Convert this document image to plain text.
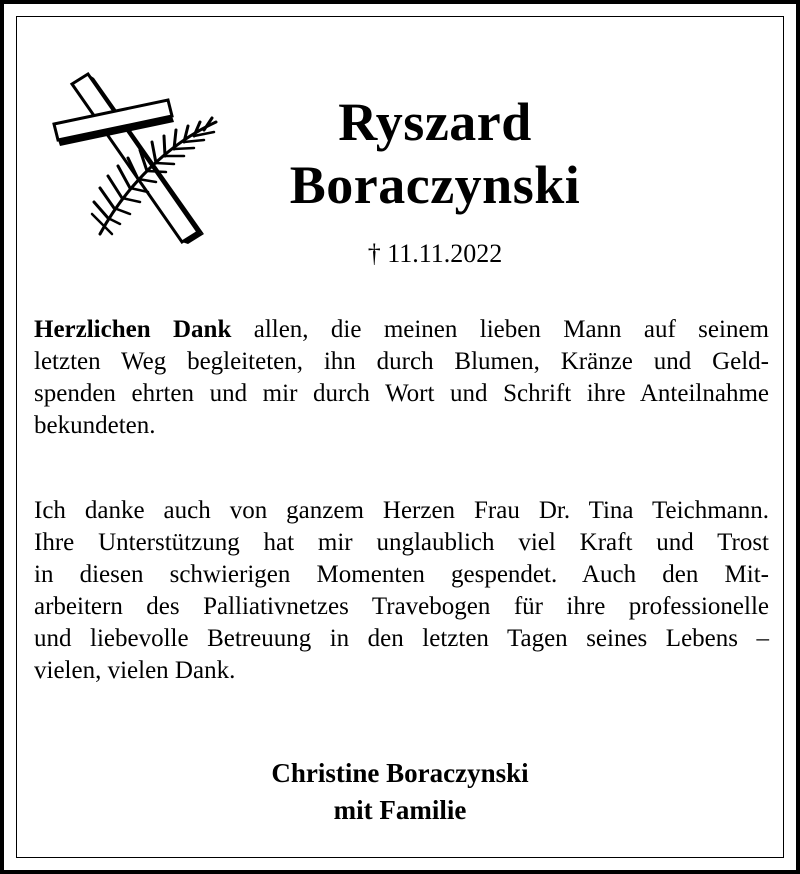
Ryszard
Boraczynski
† 11.11.2022
Herzlichen Dank allen, die meinen lieben Mann auf seinem
letzten Weg begleiteten, ihn durch Blumen, Kränze und Geld-
spenden ehrten und mir durch Wort und Schrift ihre Anteilnahme
bekundeten.
Ich danke auch von ganzem Herzen Frau Dr. Tina Teichmann.
Ihre Unterstützung hat mir unglaublich viel Kraft und Trost
in diesen schwierigen Momenten gespendet. Auch den Mit-
arbeitern des Palliativnetzes Travebogen für ihre professionelle
und liebevolle Betreuung in den letzten Tagen seines Lebens –
vielen, vielen Dank.
Christine Boraczynski
mit Familie
